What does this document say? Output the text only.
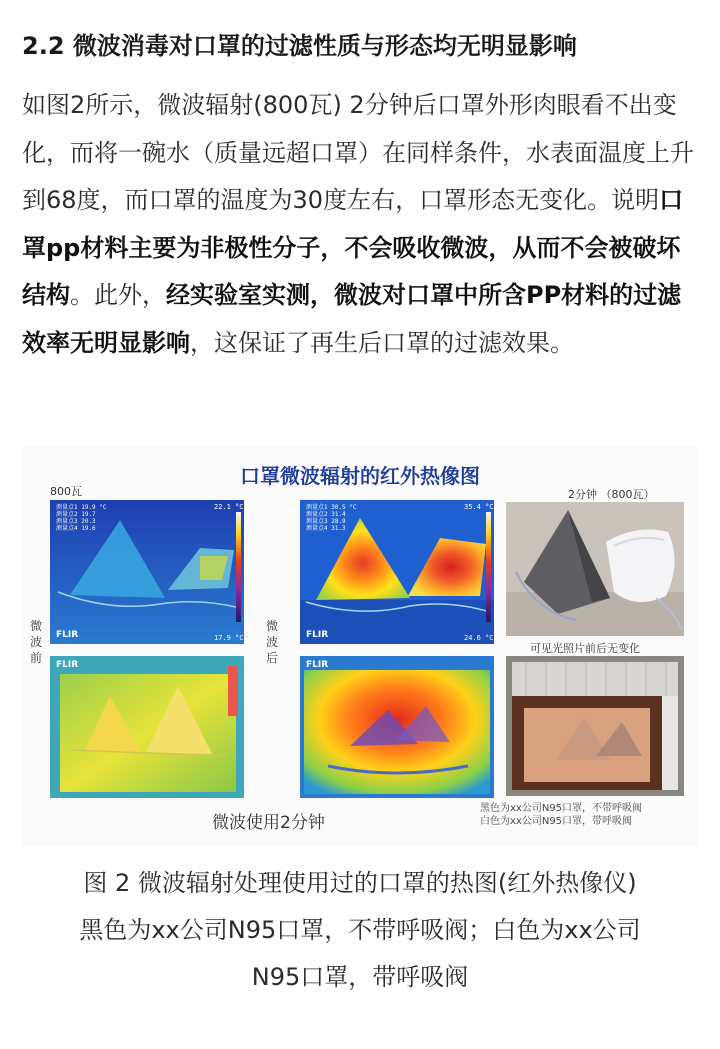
2.2 微波消毒对口罩的过滤性质与形态均无明显影响

如图2所示，微波辐射(800瓦) 2分钟后口罩外形肉眼看不出变化，而将一碗水（质量远超口罩）在同样条件，水表面温度上升到68度，而口罩的温度为30度左右，口罩形态无变化。说明口罩pp材料主要为非极性分子，不会吸收微波，从而不会被破坏结构。此外，经实验室实测，微波对口罩中所含PP材料的过滤效率无明显影响，这保证了再生后口罩的过滤效果。

口罩微波辐射的红外热像图
800瓦	2分钟 （800瓦）
微波前
微波后
测量点1 19.9 °C
测量点2 19.7
测量点3 20.3
测量点4 19.6
22.1 °C
17.9 °C
FLIR
测量点1 30.5 °C
测量点2 31.4
测量点3 28.9
测量点4 31.3
35.4 °C
24.6 °C
FLIR
可见光照片前后无变化
FLIR	FLIR
微波使用2分钟
黑色为xx公司N95口罩，不带呼吸阀
白色为xx公司N95口罩，带呼吸阀

图 2 微波辐射处理使用过的口罩的热图(红外热像仪)
黑色为xx公司N95口罩，不带呼吸阀；白色为xx公司
N95口罩，带呼吸阀
